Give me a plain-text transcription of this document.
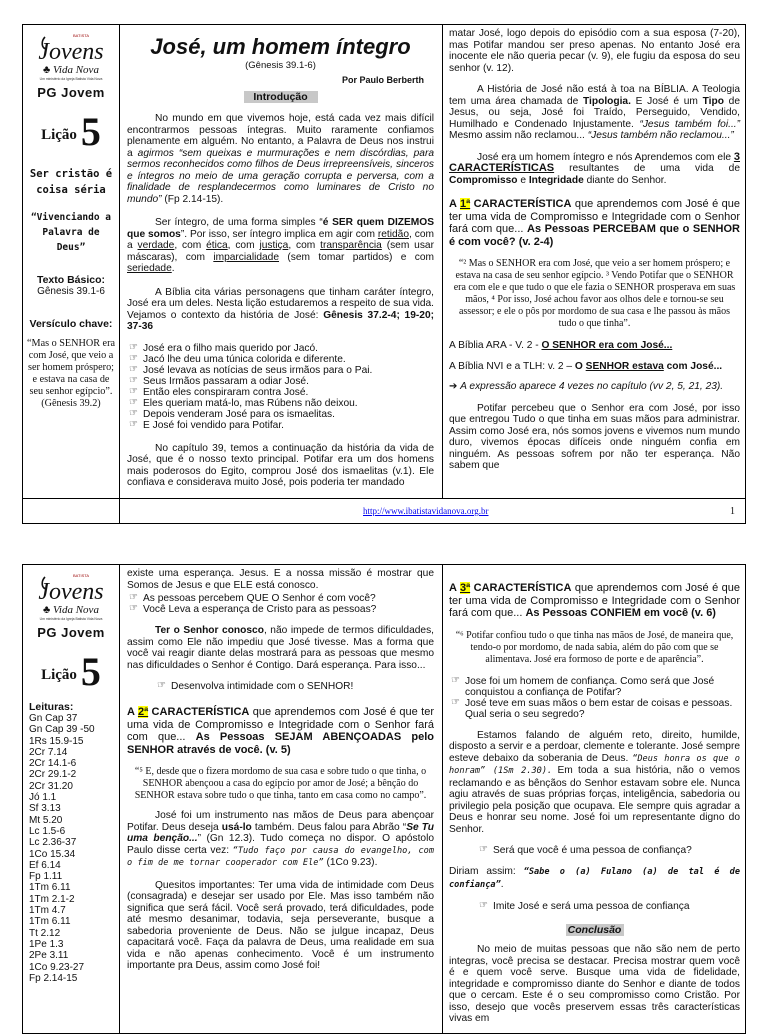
BATISTA
Jovens
♣ Vida Nova
Um ministério da Igreja Batista Vida Nova
PG Jovem
Lição 5
Ser cristão é coisa séria
“Vivenciando a Palavra de Deus”
Texto Básico:
Gênesis 39.1-6
Versículo chave:
“Mas o SENHOR era com José, que veio a ser homem próspero; e estava na casa de seu senhor egípcio”. (Gênesis 39.2)
José, um homem íntegro
(Gênesis 39.1-6)
Por Paulo Berberth
Introdução

No mundo em que vivemos hoje, está cada vez mais difícil encontrarmos pessoas íntegras. Muito raramente confiamos plenamente em alguém. No entanto, a Palavra de Deus nos instrui a agirmos “sem queixas e murmurações e nem discórdias, para sermos reconhecidos como filhos de Deus irrepreensíveis, sinceros e íntegros no meio de uma geração corrupta e perversa, com a finalidade de resplandecermos como luminares de Cristo no mundo” (Fp 2.14-15).

Ser íntegro, de uma forma simples “é SER quem DIZEMOS que somos”. Por isso, ser íntegro implica em agir com retidão, com a verdade, com ética, com justiça, com transparência (sem usar máscaras), com imparcialidade (sem tomar partidos) e com seriedade.

A Bíblia cita várias personagens que tinham caráter íntegro, José era um deles. Nesta lição estudaremos a respeito de sua vida. Vejamos o contexto da história de José: Gênesis 37.2-4; 19-20; 37-36

☞ José era o filho mais querido por Jacó.
☞ Jacó lhe deu uma túnica colorida e diferente.
☞ José levava as notícias de seus irmãos para o Pai.
☞ Seus Irmãos passaram a odiar José.
☞ Então eles conspiraram contra José.
☞ Eles queriam matá-lo, mas Rúbens não deixou.
☞ Depois venderam José para os ismaelitas.
☞ E José foi vendido para Potifar.

No capítulo 39, temos a continuação da história da vida de José, que é o nosso texto principal. Potifar era um dos homens mais poderosos do Egito, comprou José dos ismaelitas (v.1). Ele confiava e considerava muito José, pois poderia ter mandado

matar José, logo depois do episódio com a sua esposa (7-20), mas Potifar mandou ser preso apenas. No entanto José era inocente ele não queria pecar (v. 9), ele fugiu da esposa do seu senhor (v. 12).

A História de José não está à toa na BÍBLIA. A Teologia tem uma área chamada de Tipologia. E José é um Tipo de Jesus, ou seja, José foi Traído, Perseguido, Vendido, Humilhado e Condenado Injustamente. “Jesus também foi...” Mesmo assim não reclamou... “Jesus também não reclamou...”

José era um homem íntegro e nós Aprendemos com ele 3 CARACTERÍSTICAS resultantes de uma vida de Compromisso e Integridade diante do Senhor.

A 1ª CARACTERÍSTICA que aprendemos com José é que ter uma vida de Compromisso e Integridade com o Senhor fará com que... As Pessoas PERCEBAM que o SENHOR é com você? (v. 2-4)

“² Mas o SENHOR era com José, que veio a ser homem próspero; e estava na casa de seu senhor egípcio. ³ Vendo Potifar que o SENHOR era com ele e que tudo o que ele fazia o SENHOR prosperava em suas mãos, ⁴ Por isso, José achou favor aos olhos dele e tornou-se seu assessor; e ele o pôs por mordomo de sua casa e lhe passou às mãos tudo o que tinha”.

A Bíblia ARA - V. 2 - O SENHOR era com José...

A Bíblia NVI e a TLH: v. 2 – O SENHOR estava com José...

➔ A expressão aparece 4 vezes no capítulo (vv 2, 5, 21, 23).

Potifar percebeu que o Senhor era com José, por isso que entregou Tudo o que tinha em suas mãos para administrar. Assim como José era, nós somos jovens e vivemos num mundo duro, vivemos épocas difíceis onde ninguém confia em ninguém. As pessoas sofrem por não ter esperança. Não sabem que

http://www.ibatistavidanova.org.br	1
BATISTA
Jovens
♣ Vida Nova
Um ministério da Igreja Batista Vida Nova
PG Jovem
Lição 5
Leituras:
Gn Cap 37
Gn Cap 39 -50
1Rs 15.9-15
2Cr 7.14
2Cr 14.1-6
2Cr 29.1-2
2Cr 31.20
Jó 1.1
Sf 3.13
Mt 5.20
Lc 1.5-6
Lc 2.36-37
1Co 15.34
Ef 6.14
Fp 1.11
1Tm 6.11
1Tm 2.1-2
1Tm 4.7
1Tm 6.11
Tt 2.12
1Pe 1.3
2Pe 3.11
1Co 9.23-27
Fp 2.14-15

existe uma esperança. Jesus. E a nossa missão é mostrar que Somos de Jesus e que ELE está conosco.

☞ As pessoas percebem QUE O Senhor é com você?
☞ Você Leva a esperança de Cristo para as pessoas?

Ter o Senhor conosco, não impede de termos dificuldades, assim como Ele não impediu que José tivesse. Mas a forma que você vai reagir diante delas mostrará para as pessoas que mesmo nas dificuldades o Senhor é Contigo. Dará esperança. Para isso...

☞ Desenvolva intimidade com o SENHOR!

A 2ª CARACTERÍSTICA que aprendemos com José é que ter uma vida de Compromisso e Integridade com o Senhor fará com que... As Pessoas SEJAM ABENÇOADAS pelo SENHOR através de você. (v. 5)

“⁵ E, desde que o fizera mordomo de sua casa e sobre tudo o que tinha, o SENHOR abençoou a casa do egípcio por amor de José; a bênção do SENHOR estava sobre tudo o que tinha, tanto em casa como no campo”.

José foi um instrumento nas mãos de Deus para abençoar Potifar. Deus deseja usá-lo também. Deus falou para Abrão “Se Tu uma benção...” (Gn 12.3). Tudo começa no dispor. O apóstolo Paulo disse certa vez: “Tudo faço por causa do evangelho, com o fim de me tornar cooperador com Ele” (1Co 9.23).

Quesitos importantes: Ter uma vida de intimidade com Deus (consagrada) e desejar ser usado por Ele. Mas isso também não significa que será fácil. Você será provado, terá dificuldades, pode até mesmo desanimar, todavia, seja perseverante, busque a sabedoria proveniente de Deus. Não se julgue incapaz, Deus capacitará você. Faça da palavra de Deus, uma realidade em sua vida e não apenas conhecimento. Você é um instrumento importante pra Deus, assim como José foi!

A 3ª CARACTERÍSTICA que aprendemos com José é que ter uma vida de Compromisso e Integridade com o Senhor fará com que... As Pessoas CONFIEM em você (v. 6)

“⁶ Potifar confiou tudo o que tinha nas mãos de José, de maneira que, tendo-o por mordomo, de nada sabia, além do pão com que se alimentava. José era formoso de porte e de aparência”.

☞ Jose foi um homem de confiança. Como será que José conquistou a confiança de Potifar?
☞ José teve em suas mãos o bem estar de coisas e pessoas. Qual seria o seu segredo?

Estamos falando de alguém reto, direito, humilde, disposto a servir e a perdoar, clemente e tolerante. José sempre esteve debaixo da soberania de Deus. “Deus honra os que o honram” (1Sm 2.30). Em toda a sua história, não o vemos reclamando e as bênçãos do Senhor estavam sobre ele. Nunca agiu através de suas próprias forças, inteligência, sabedoria ou privilegio pela posição que ocupava. Ele sempre quis agradar a Deus e honrar seu nome. José foi um representante digno do Senhor.

☞ Será que você é uma pessoa de confiança?

Diriam assim: “Sabe o (a) Fulano (a) de tal é de confiança”.

☞ Imite José e será uma pessoa de confiança
Conclusão

No meio de muitas pessoas que não são nem de perto integras, você precisa se destacar. Precisa mostrar quem você é e quem você serve. Busque uma vida de fidelidade, integridade e compromisso diante do Senhor e diante de todos que o cercam. Este é o seu compromisso como Cristão. Por isso, desejo que vocês preservem essas três características vivas em
